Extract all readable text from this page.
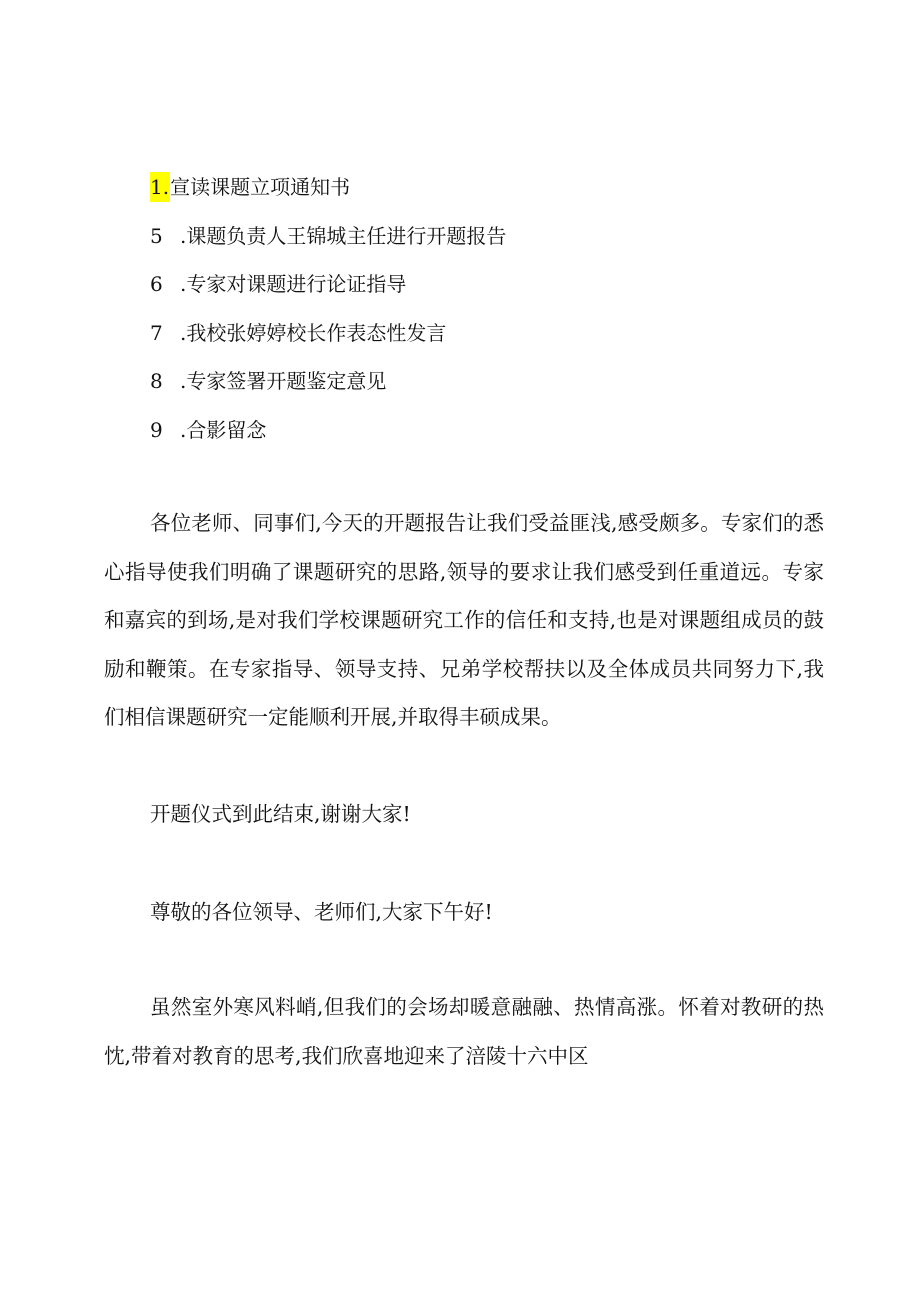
1.宣读课题立项通知书
5 .课题负责人王锦城主任进行开题报告
6 .专家对课题进行论证指导
7 .我校张婷婷校长作表态性发言
8 .专家签署开题鉴定意见
9 .合影留念

各位老师、同事们,今天的开题报告让我们受益匪浅,感受颇多。专家们的悉心指导使我们明确了课题研究的思路,领导的要求让我们感受到任重道远。专家和嘉宾的到场,是对我们学校课题研究工作的信任和支持,也是对课题组成员的鼓励和鞭策。在专家指导、领导支持、兄弟学校帮扶以及全体成员共同努力下,我们相信课题研究一定能顺利开展,并取得丰硕成果。

开题仪式到此结束,谢谢大家!

尊敬的各位领导、老师们,大家下午好!

虽然室外寒风料峭,但我们的会场却暖意融融、热情高涨。怀着对教研的热忱,带着对教育的思考,我们欣喜地迎来了涪陵十六中区
